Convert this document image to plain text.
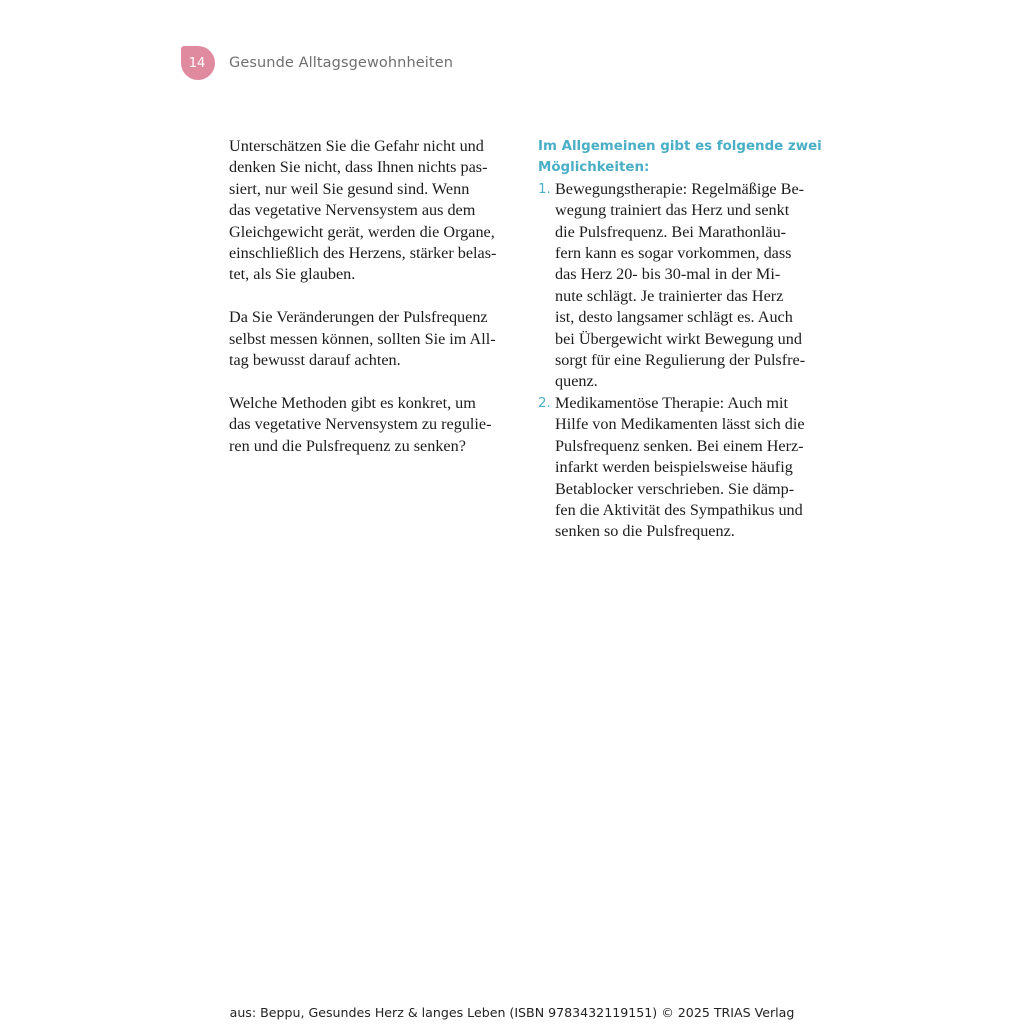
14	Gesunde Alltagsgewohnheiten

Unterschätzen Sie die Gefahr nicht und
denken Sie nicht, dass Ihnen nichts pas-
siert, nur weil Sie gesund sind. Wenn
das vegetative Nervensystem aus dem
Gleichgewicht gerät, werden die Organe,
einschließlich des Herzens, stärker belas-
tet, als Sie glauben.

Da Sie Veränderungen der Pulsfrequenz
selbst messen können, sollten Sie im All-
tag bewusst darauf achten.

Welche Methoden gibt es konkret, um
das vegetative Nervensystem zu regulie-
ren und die Pulsfrequenz zu senken?

Im Allgemeinen gibt es folgende zwei
Möglichkeiten:

1. Bewegungstherapie: Regelmäßige Be-
wegung trainiert das Herz und senkt
die Pulsfrequenz. Bei Marathonläu-
fern kann es sogar vorkommen, dass
das Herz 20- bis 30-mal in der Mi-
nute schlägt. Je trainierter das Herz
ist, desto langsamer schlägt es. Auch
bei Übergewicht wirkt Bewegung und
sorgt für eine Regulierung der Pulsfre-
quenz.
2. Medikamentöse Therapie: Auch mit
Hilfe von Medikamenten lässt sich die
Pulsfrequenz senken. Bei einem Herz-
infarkt werden beispielsweise häufig
Betablocker verschrieben. Sie dämp-
fen die Aktivität des Sympathikus und
senken so die Pulsfrequenz.
aus: Beppu, Gesundes Herz & langes Leben (ISBN 9783432119151) © 2025 TRIAS Verlag
